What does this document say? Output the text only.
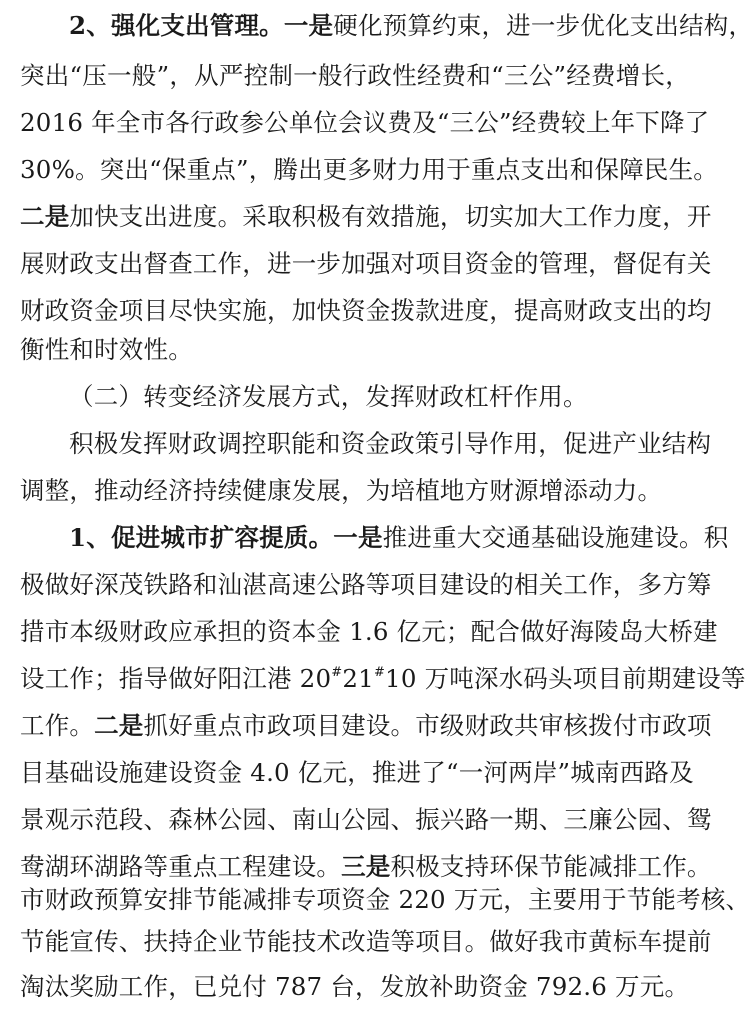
2、强化支出管理。一是硬化预算约束，进一步优化支出结构，
突出“压一般”，从严控制一般行政性经费和“三公”经费增长，
2016 年全市各行政参公单位会议费及“三公”经费较上年下降了
30%。突出“保重点”，腾出更多财力用于重点支出和保障民生。
二是加快支出进度。采取积极有效措施，切实加大工作力度，开
展财政支出督查工作，进一步加强对项目资金的管理，督促有关
财政资金项目尽快实施，加快资金拨款进度，提高财政支出的均
衡性和时效性。
（二）转变经济发展方式，发挥财政杠杆作用。
积极发挥财政调控职能和资金政策引导作用，促进产业结构
调整，推动经济持续健康发展，为培植地方财源增添动力。
1、促进城市扩容提质。一是推进重大交通基础设施建设。积
极做好深茂铁路和汕湛高速公路等项目建设的相关工作，多方筹
措市本级财政应承担的资本金 1.6 亿元；配合做好海陵岛大桥建
设工作；指导做好阳江港 20#21#10 万吨深水码头项目前期建设等
工作。二是抓好重点市政项目建设。市级财政共审核拨付市政项
目基础设施建设资金 4.0 亿元，推进了“一河两岸”城南西路及
景观示范段、森林公园、南山公园、振兴路一期、三廉公园、鸳
鸯湖环湖路等重点工程建设。三是积极支持环保节能减排工作。
市财政预算安排节能减排专项资金 220 万元，主要用于节能考核、
节能宣传、扶持企业节能技术改造等项目。做好我市黄标车提前
淘汰奖励工作，已兑付 787 台，发放补助资金 792.6 万元。
